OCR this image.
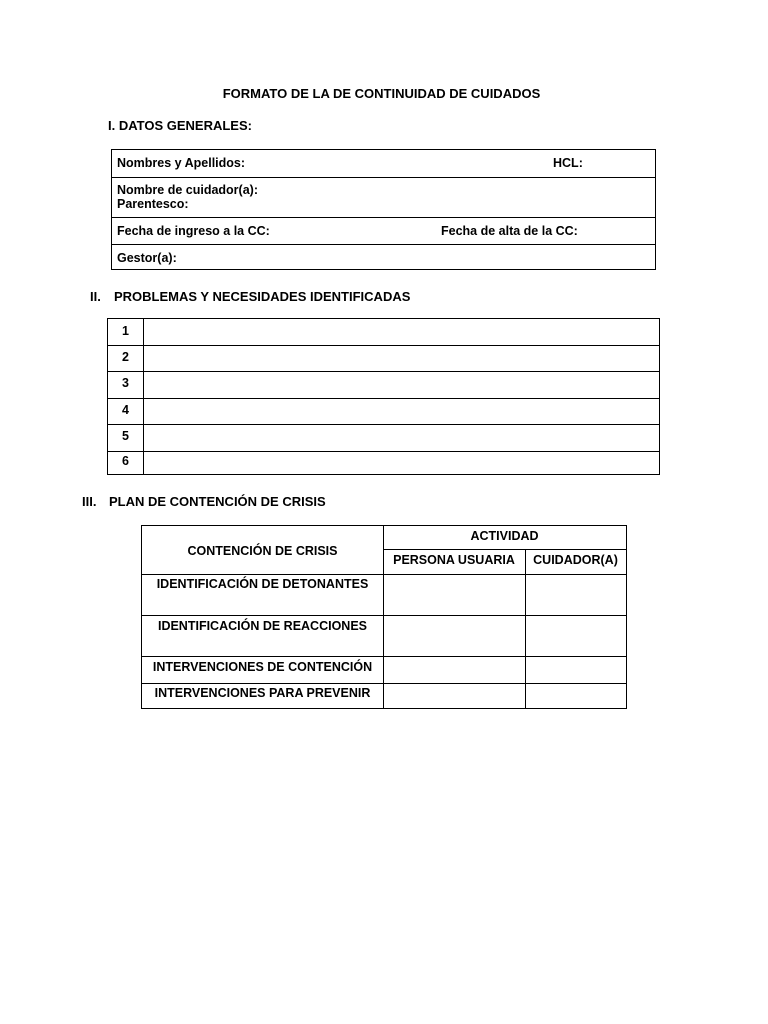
FORMATO DE LA DE CONTINUIDAD DE CUIDADOS
I. DATOS GENERALES:
Nombres y Apellidos:	HCL:
Nombre de cuidador(a):
Parentesco:
Fecha de ingreso a la CC:	Fecha de alta de la CC:
Gestor(a):
II. PROBLEMAS Y NECESIDADES IDENTIFICADAS
1
2
3
4
5
6
III. PLAN DE CONTENCIÓN DE CRISIS
CONTENCIÓN DE CRISIS
ACTIVIDAD
PERSONA USUARIA	CUIDADOR(A)
IDENTIFICACIÓN DE DETONANTES
IDENTIFICACIÓN DE REACCIONES
INTERVENCIONES DE CONTENCIÓN
INTERVENCIONES PARA PREVENIR
